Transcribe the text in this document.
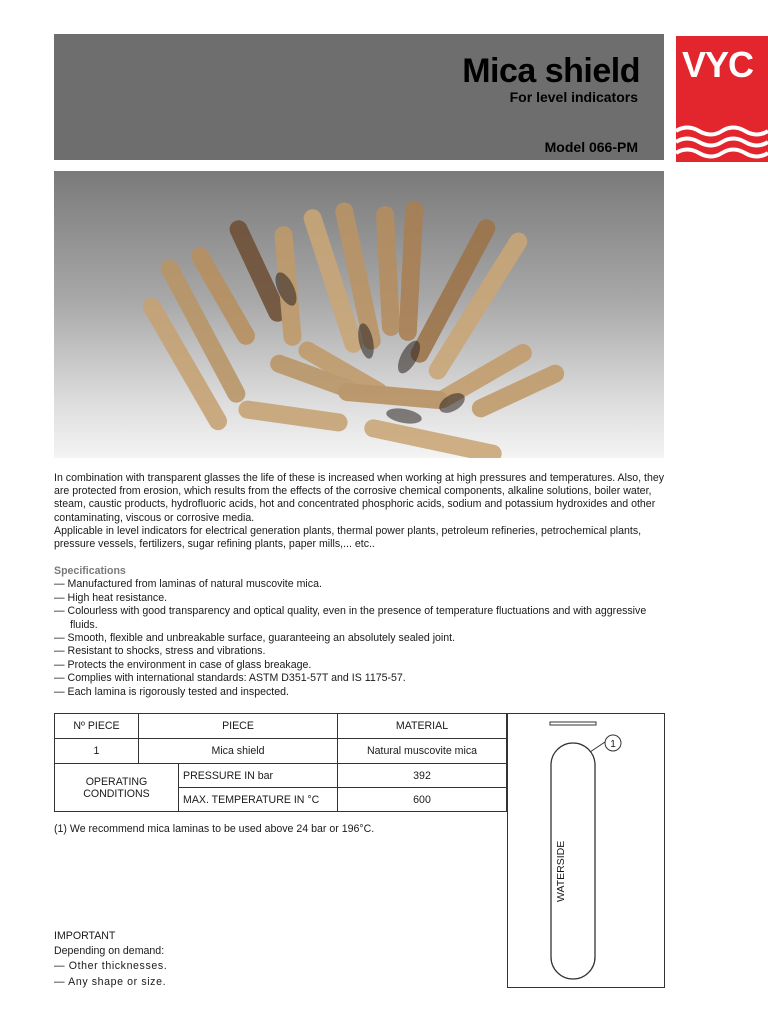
Mica shield
For level indicators
Model 066-PM
VYC

In combination with transparent glasses the life of these is increased when working at high pressures and temperatures. Also, they are protected from erosion, which results from the effects of the corrosive chemical components, alkaline solutions, boiler water, steam, caustic products, hydrofluoric acids, hot and concentrated phosphoric acids, sodium and potassium hydroxides and other contaminating, viscous or corrosive media.

Applicable in level indicators for electrical generation plants, thermal power plants, petroleum refineries, petrochemical plants, pressure vessels, fertilizers, sugar refining plants, paper mills,... etc..

Specifications

— Manufactured from laminas of natural muscovite mica.
— High heat resistance.
— Colourless with good transparency and optical quality, even in the presence of temperature fluctuations and with aggressive fluids.
— Smooth, flexible and unbreakable surface, guaranteeing an absolutely sealed joint.
— Resistant to shocks, stress and vibrations.
— Protects the environment in case of glass breakage.
— Complies with international standards: ASTM D351-57T and IS 1175-57.
— Each lamina is rigorously tested and inspected.
Nº PIECE	PIECE		MATERIAL
1	Mica shield		Natural muscovite mica
OPERATING CONDITIONS		PRESSURE IN bar	392
		MAX. TEMPERATURE IN °C	600
(1) We recommend mica laminas to be used above 24 bar or 196°C.
IMPORTANT
Depending on demand:
— Other thicknesses.
— Any shape or size.
1
WATERSIDE
